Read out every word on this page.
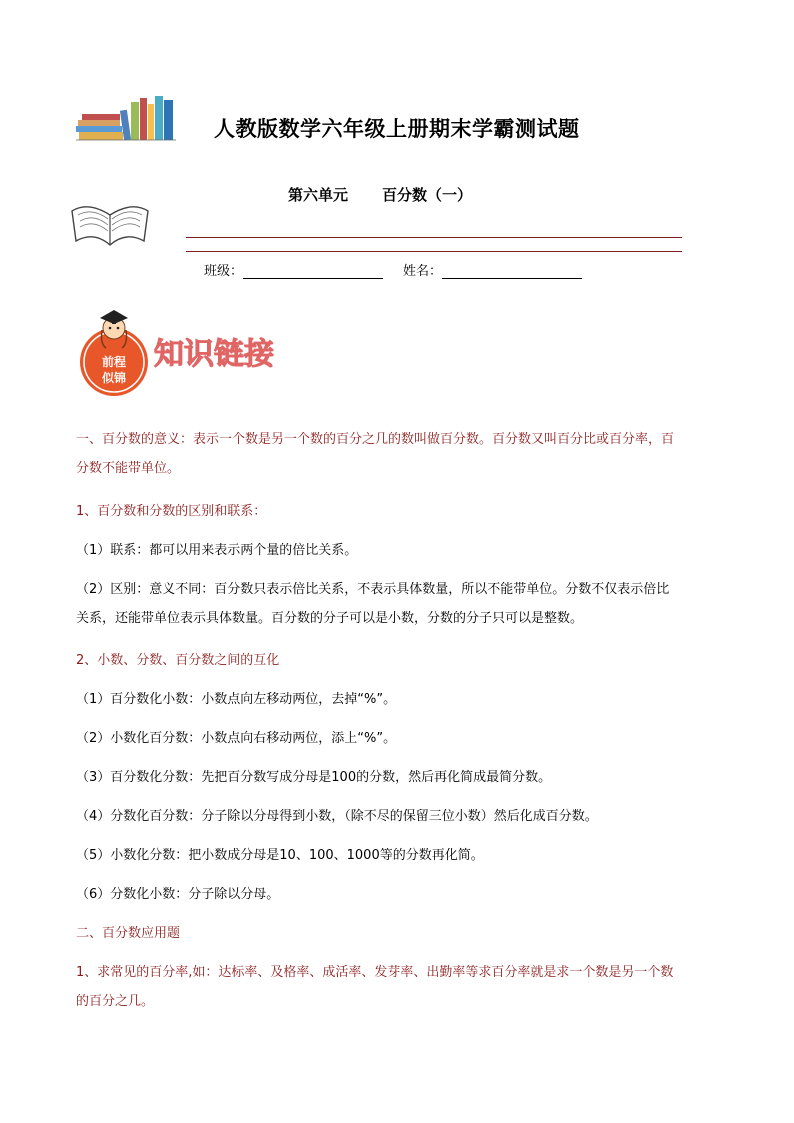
人教版数学六年级上册期末学霸测试题
第六单元 百分数（一）
班级：	姓名：
前程
似锦
知识链接

一、百分数的意义：表示一个数是另一个数的百分之几的数叫做百分数。百分数又叫百分比或百分率，百

分数不能带单位。

1、百分数和分数的区别和联系：
（1）联系：都可以用来表示两个量的倍比关系。

（2）区别：意义不同：百分数只表示倍比关系，不表示具体数量，所以不能带单位。分数不仅表示倍比

关系，还能带单位表示具体数量。百分数的分子可以是小数，分数的分子只可以是整数。

2、小数、分数、百分数之间的互化
（1）百分数化小数：小数点向左移动两位，去掉“%”。
（2）小数化百分数：小数点向右移动两位，添上“%”。
（3）百分数化分数：先把百分数写成分母是100的分数，然后再化简成最简分数。
（4）分数化百分数：分子除以分母得到小数，（除不尽的保留三位小数）然后化成百分数。
（5）小数化分数：把小数成分母是10、100、1000等的分数再化简。
（6）分数化小数：分子除以分母。
二、百分数应用题

1、求常见的百分率,如：达标率、及格率、成活率、发芽率、出勤率等求百分率就是求一个数是另一个数

的百分之几。
